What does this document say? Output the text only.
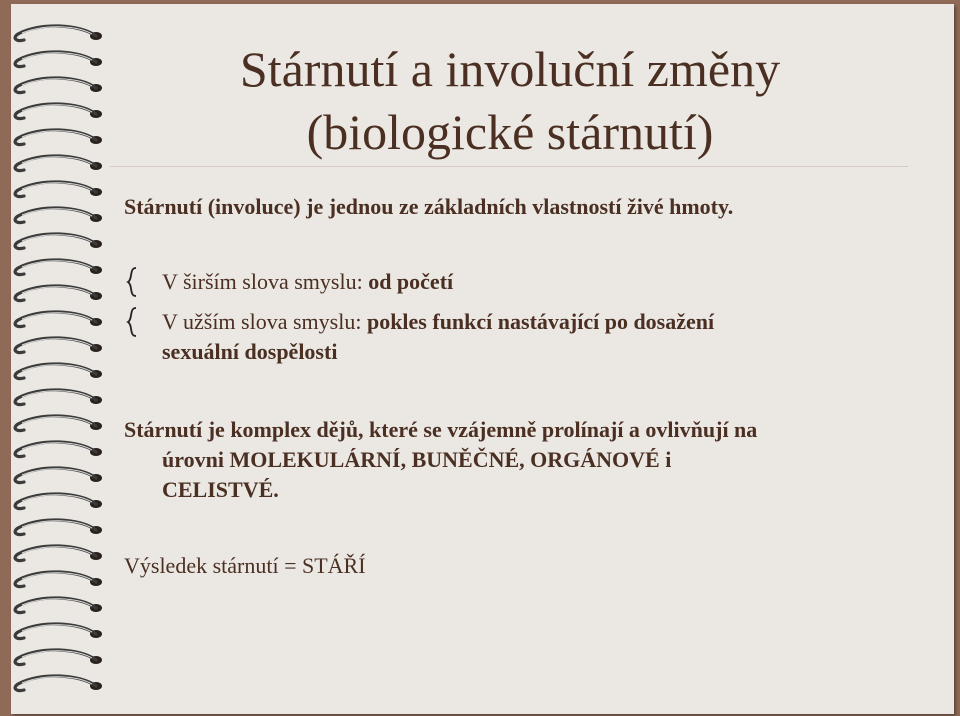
Stárnutí a involuční změny
(biologické stárnutí)
Stárnutí (involuce) je jednou ze základních vlastností živé hmoty.
V širším slova smyslu: od početí
V užším slova smyslu: pokles funkcí nastávající po dosažení
sexuální dospělosti
Stárnutí je komplex dějů, které se vzájemně prolínají a ovlivňují na
úrovni MOLEKULÁRNÍ, BUNĚČNÉ, ORGÁNOVÉ i
CELISTVÉ.
Výsledek stárnutí = STÁŘÍ
